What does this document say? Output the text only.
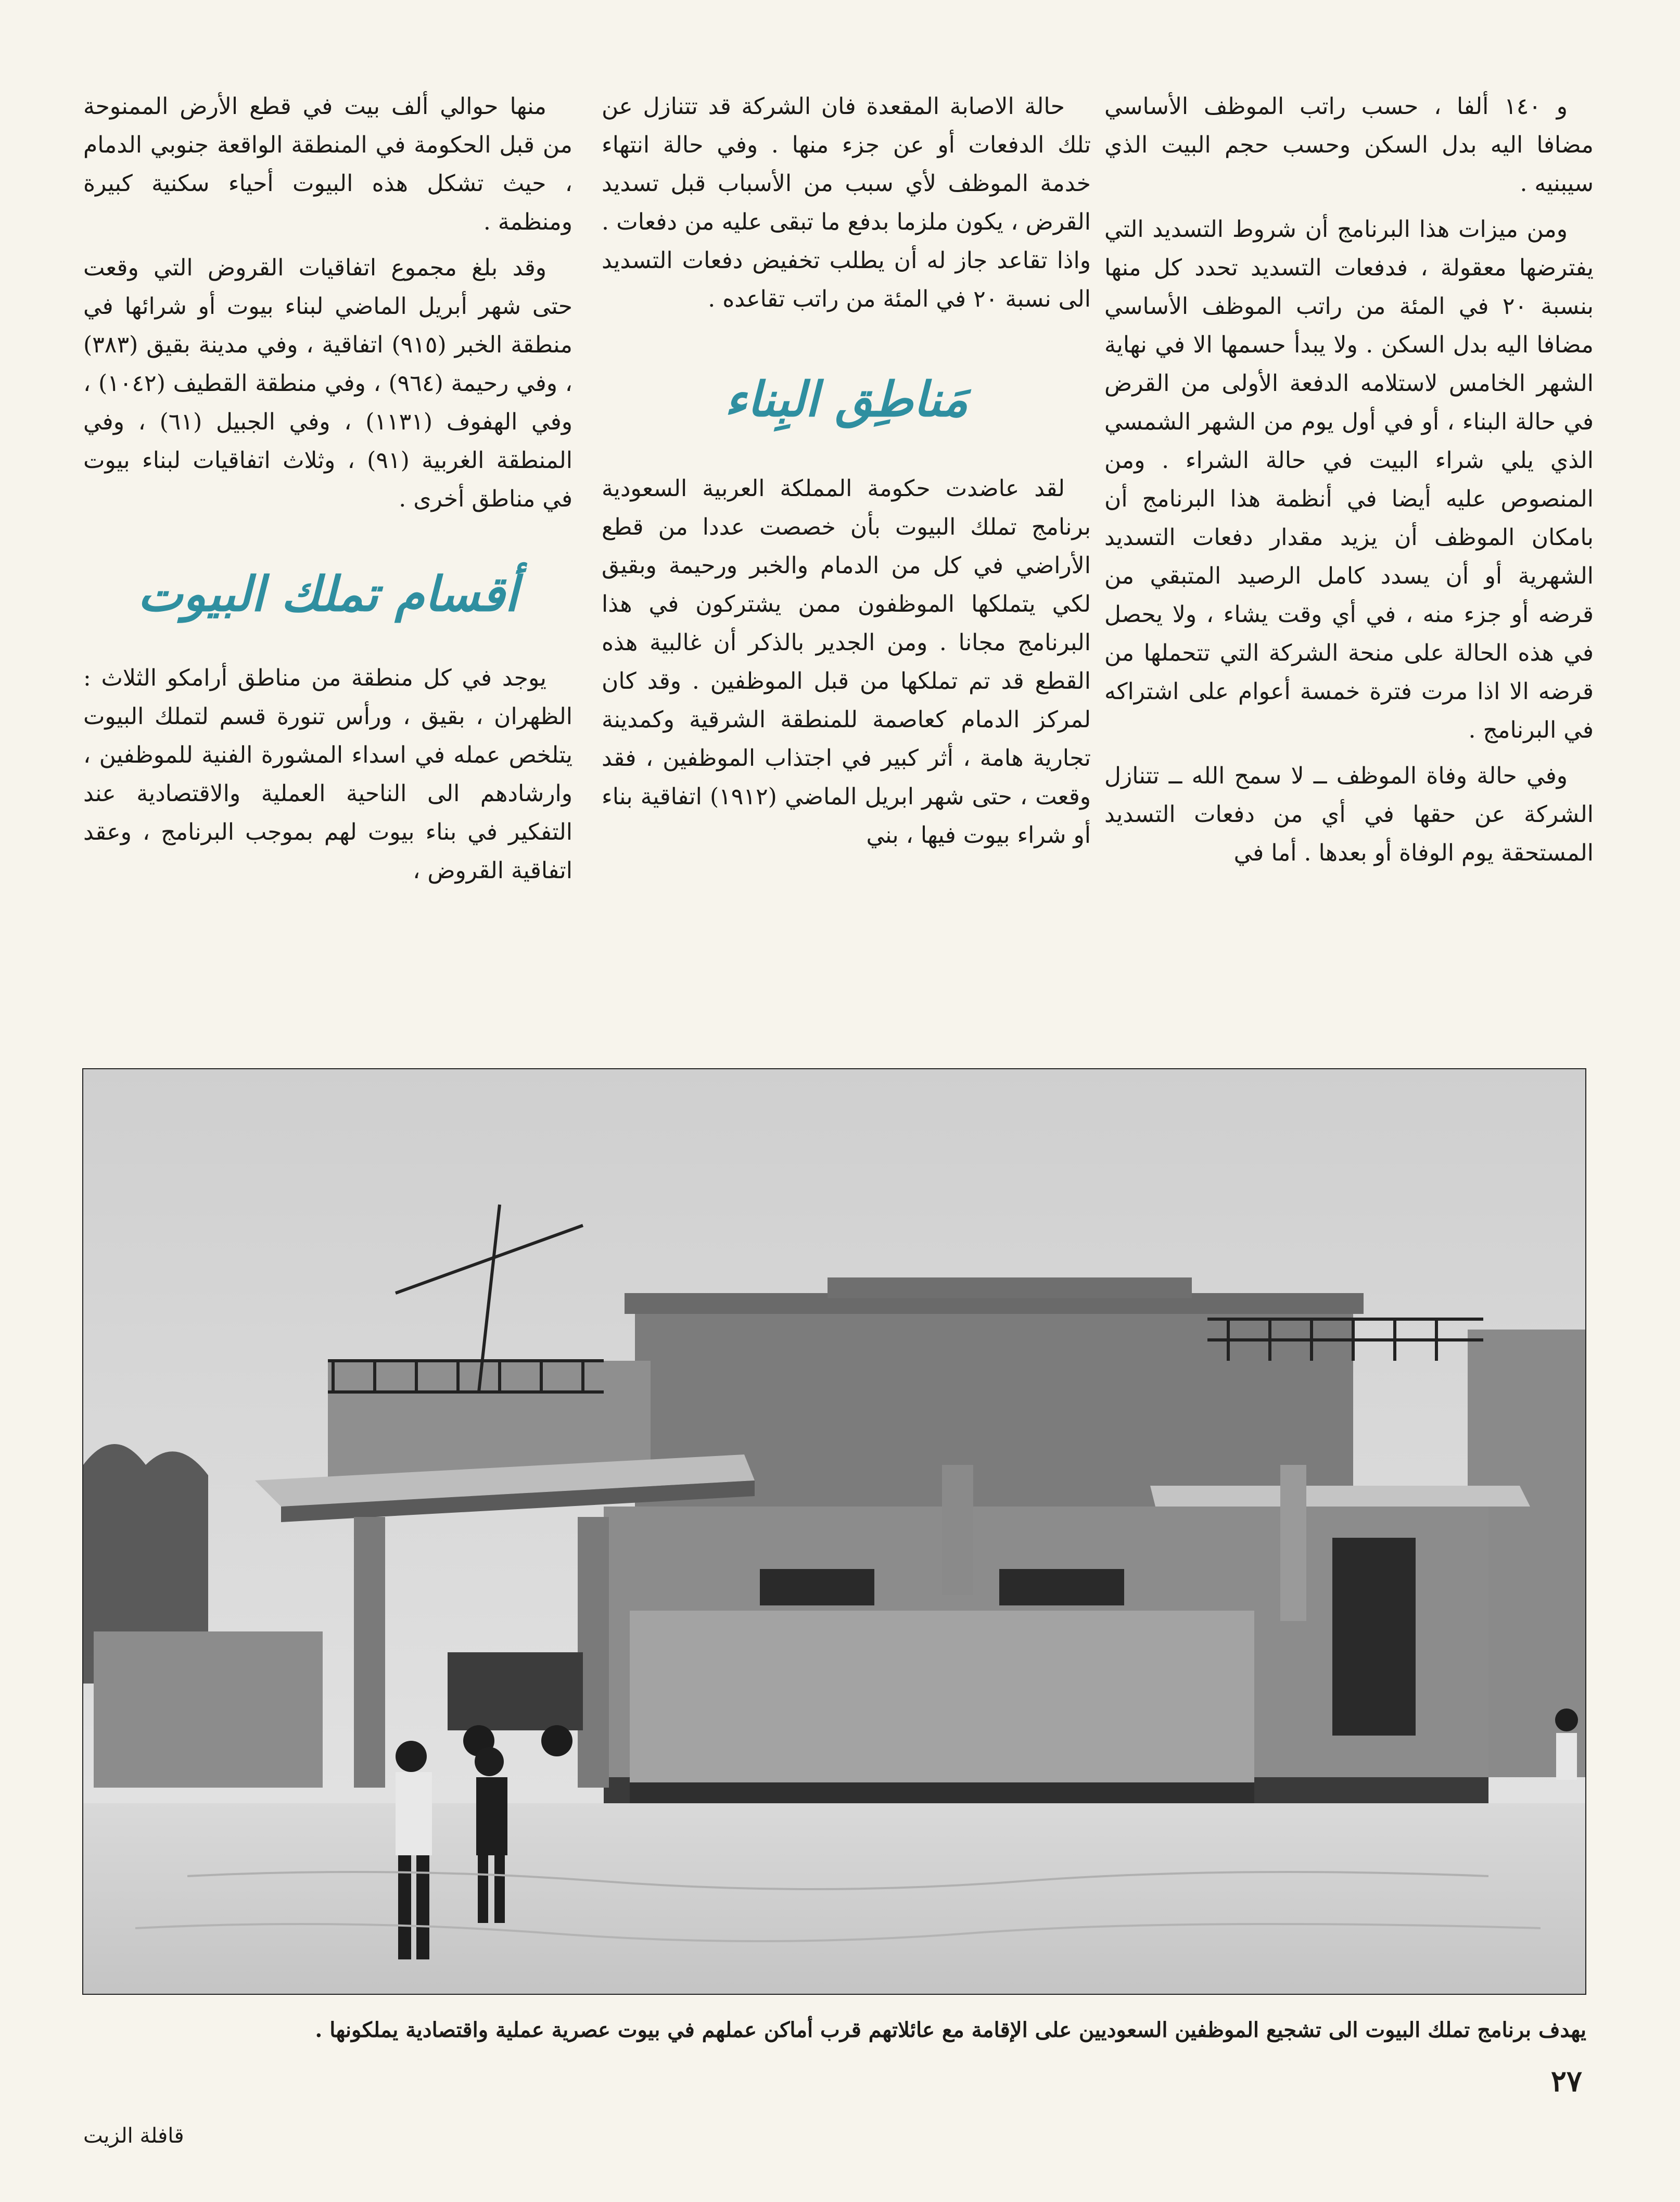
و ١٤٠ ألفا ، حسب راتب الموظف الأساسي مضافا اليه بدل السكن وحسب حجم البيت الذي سيبنيه .

ومن ميزات هذا البرنامج أن شروط التسديد التي يفترضها معقولة ، فدفعات التسديد تحدد كل منها بنسبة ٢٠ في المئة من راتب الموظف الأساسي مضافا اليه بدل السكن . ولا يبدأ حسمها الا في نهاية الشهر الخامس لاستلامه الدفعة الأولى من القرض في حالة البناء ، أو في أول يوم من الشهر الشمسي الذي يلي شراء البيت في حالة الشراء . ومن المنصوص عليه أيضا في أنظمة هذا البرنامج أن بامكان الموظف أن يزيد مقدار دفعات التسديد الشهرية أو أن يسدد كامل الرصيد المتبقي من قرضه أو جزء منه ، في أي وقت يشاء ، ولا يحصل في هذه الحالة على منحة الشركة التي تتحملها من قرضه الا اذا مرت فترة خمسة أعوام على اشتراكه في البرنامج .

وفي حالة وفاة الموظف ــ لا سمح الله ــ تتنازل الشركة عن حقها في أي من دفعات التسديد المستحقة يوم الوفاة أو بعدها . أما في

حالة الاصابة المقعدة فان الشركة قد تتنازل عن تلك الدفعات أو عن جزء منها . وفي حالة انتهاء خدمة الموظف لأي سبب من الأسباب قبل تسديد القرض ، يكون ملزما بدفع ما تبقى عليه من دفعات . واذا تقاعد جاز له أن يطلب تخفيض دفعات التسديد الى نسبة ٢٠ في المئة من راتب تقاعده .

مَناطِق البِناء

لقد عاضدت حكومة المملكة العربية السعودية برنامج تملك البيوت بأن خصصت عددا من قطع الأراضي في كل من الدمام والخبر ورحيمة وبقيق لكي يتملكها الموظفون ممن يشتركون في هذا البرنامج مجانا . ومن الجدير بالذكر أن غالبية هذه القطع قد تم تملكها من قبل الموظفين . وقد كان لمركز الدمام كعاصمة للمنطقة الشرقية وكمدينة تجارية هامة ، أثر كبير في اجتذاب الموظفين ، فقد وقعت ، حتى شهر ابريل الماضي (١٩١٢) اتفاقية بناء أو شراء بيوت فيها ، بني

منها حوالي ألف بيت في قطع الأرض الممنوحة من قبل الحكومة في المنطقة الواقعة جنوبي الدمام ، حيث تشكل هذه البيوت أحياء سكنية كبيرة ومنظمة .

وقد بلغ مجموع اتفاقيات القروض التي وقعت حتى شهر أبريل الماضي لبناء بيوت أو شرائها في منطقة الخبر (٩١٥) اتفاقية ، وفي مدينة بقيق (٣٨٣) ، وفي رحيمة (٩٦٤) ، وفي منطقة القطيف (١٠٤٢) ، وفي الهفوف (١١٣١) ، وفي الجبيل (٦١) ، وفي المنطقة الغربية (٩١) ، وثلاث اتفاقيات لبناء بيوت في مناطق أخرى .

أقسام تملك البيوت

يوجد في كل منطقة من مناطق أرامكو الثلاث : الظهران ، بقيق ، ورأس تنورة قسم لتملك البيوت يتلخص عمله في اسداء المشورة الفنية للموظفين ، وارشادهم الى الناحية العملية والاقتصادية عند التفكير في بناء بيوت لهم بموجب البرنامج ، وعقد اتفاقية القروض ،

يهدف برنامج تملك البيوت الى تشجيع الموظفين السعوديين على الإقامة مع عائلاتهم قرب أماكن عملهم في بيوت عصرية عملية واقتصادية يملكونها .
٢٧
قافلة الزيت
